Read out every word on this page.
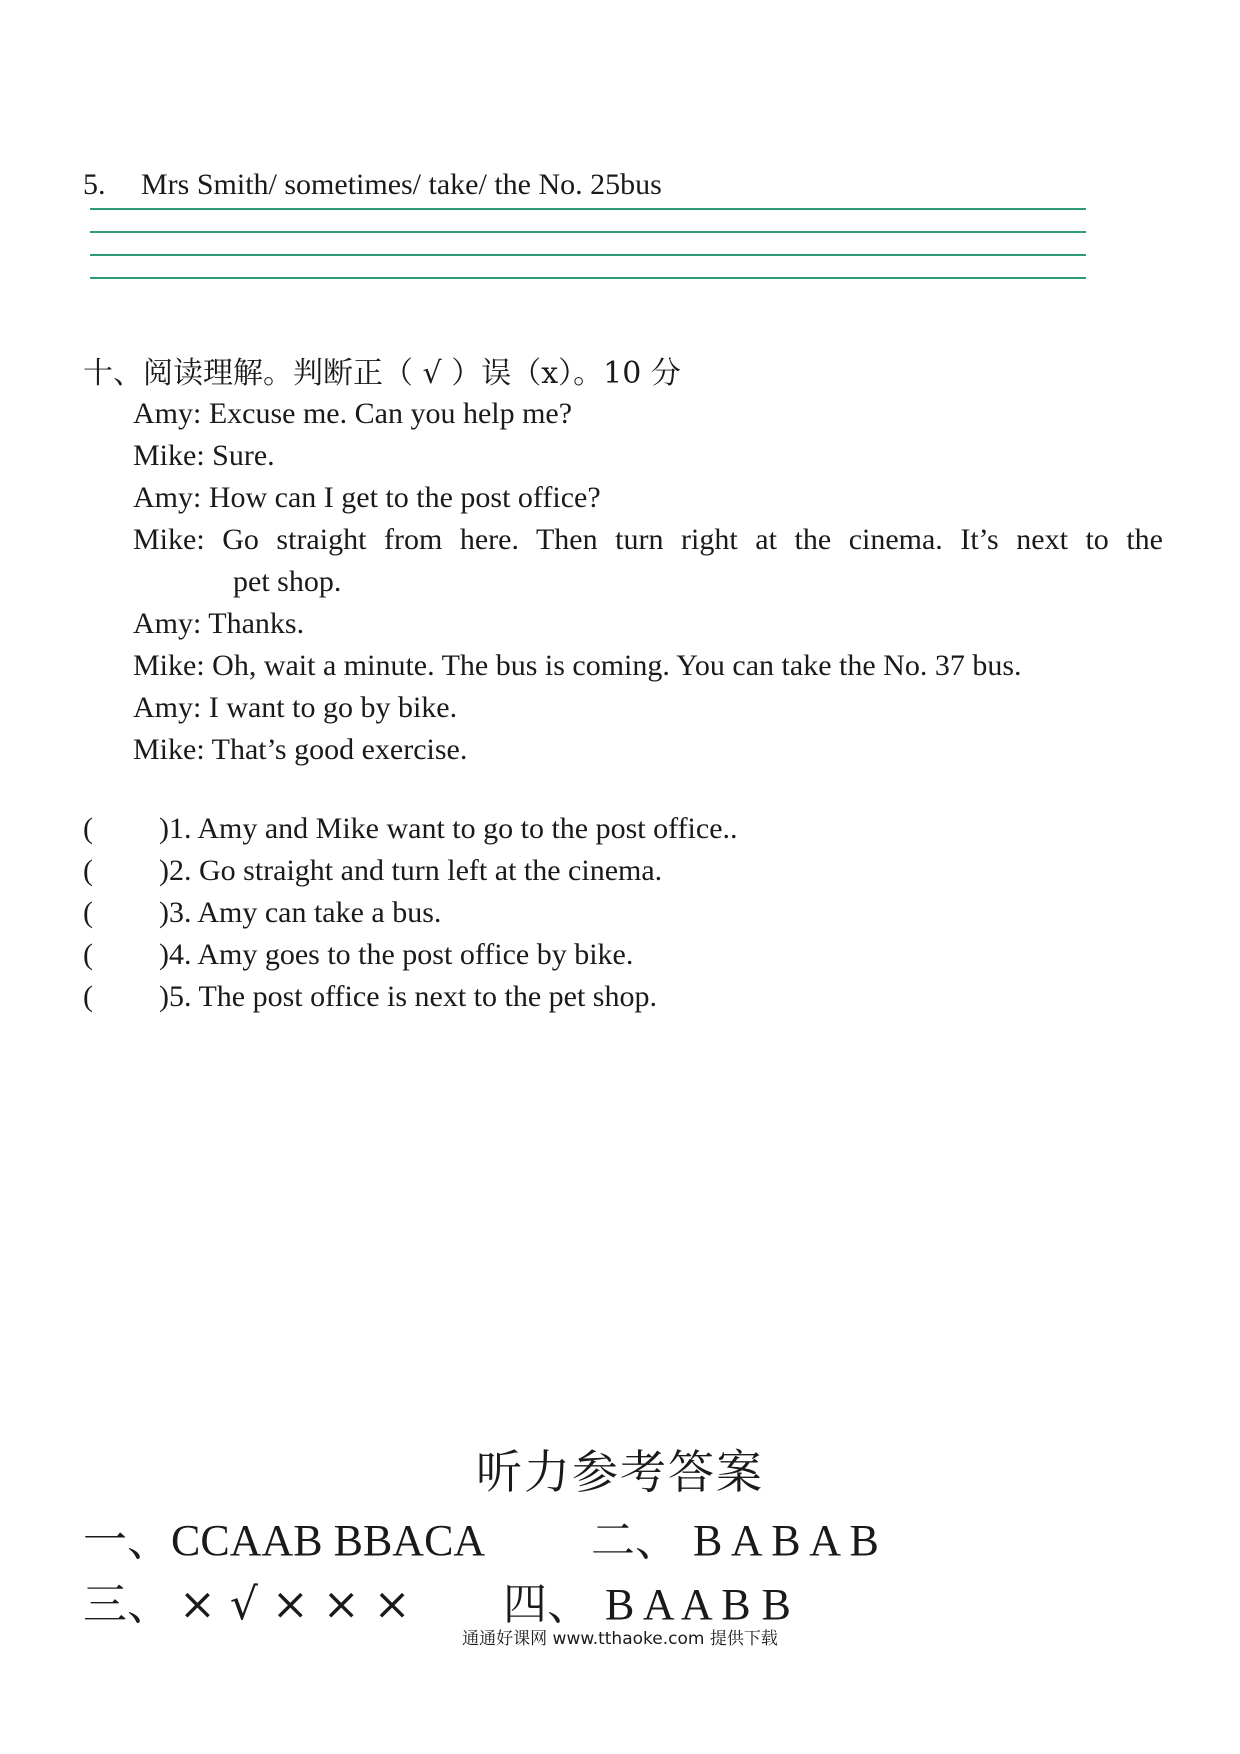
5. Mrs Smith/ sometimes/ take/ the No. 25bus
十、阅读理解。判断正（ √ ）误（x）。10 分
Amy: Excuse me. Can you help me?
Mike: Sure.
Amy: How can I get to the post office?
Mike: Go straight from here. Then turn right at the cinema. It’s next to the
pet shop.
Amy: Thanks.
Mike: Oh, wait a minute. The bus is coming. You can take the No. 37 bus.
Amy: I want to go by bike.
Mike: That’s good exercise.
( )1. Amy and Mike want to go to the post office..
( )2. Go straight and turn left at the cinema.
( )3. Amy can take a bus.
( )4. Amy goes to the post office by bike.
( )5. The post office is next to the pet shop.
听力参考答案
一、CCAAB BBACA 二、 B A B A B
三、 × √ × × × 四、 B A A B B
通通好课网 www.tthaoke.com 提供下载
